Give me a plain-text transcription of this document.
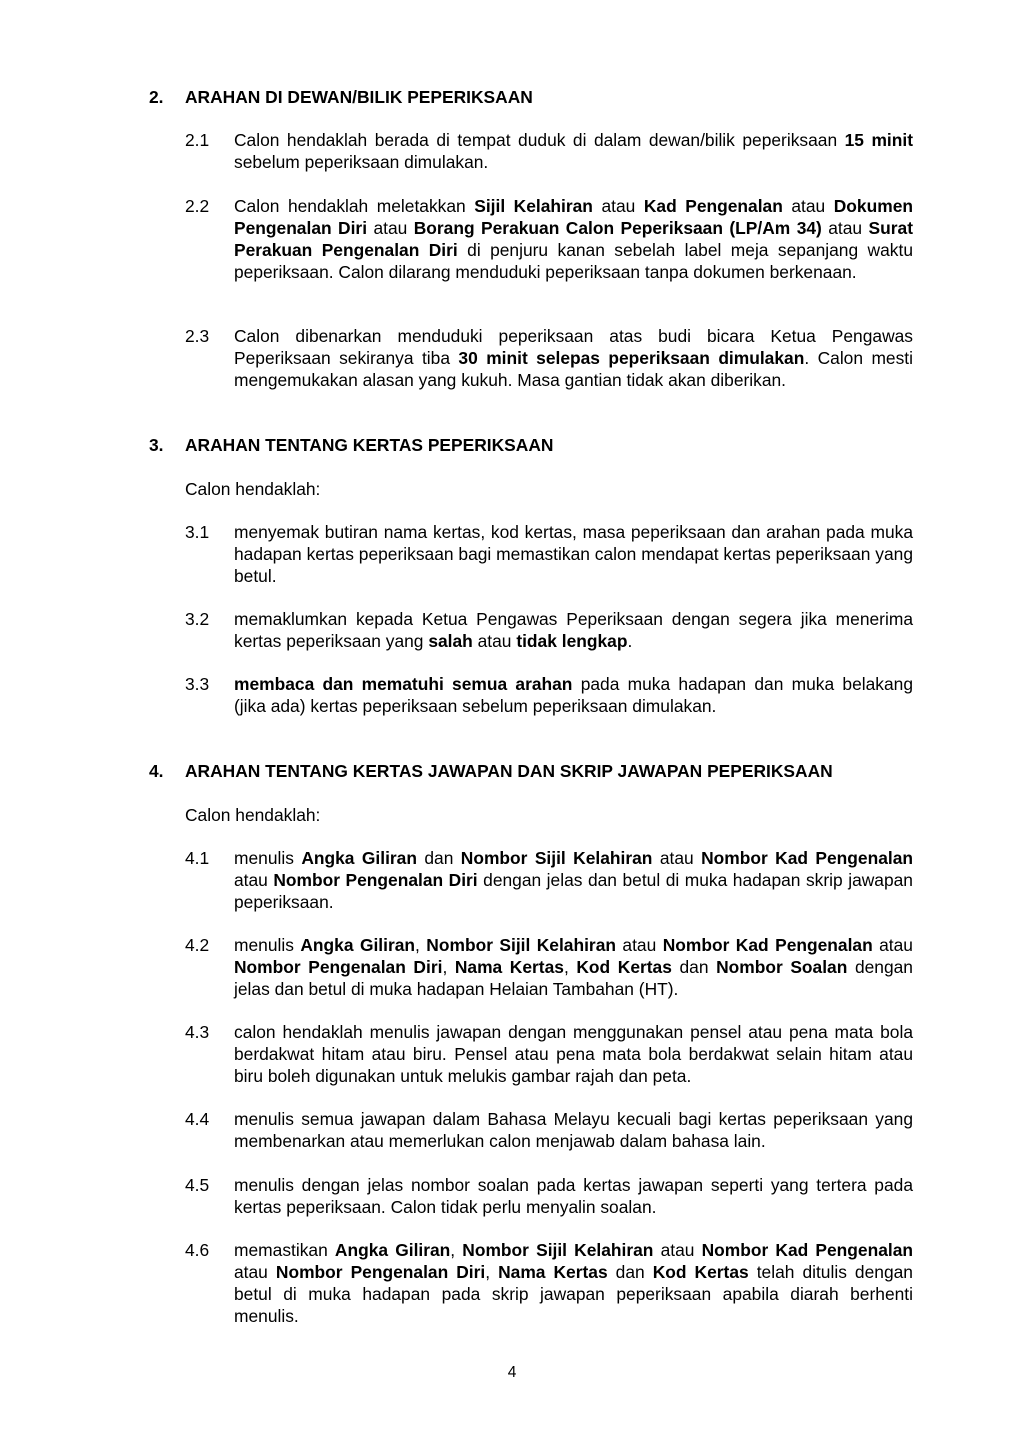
2. ARAHAN DI DEWAN/BILIK PEPERIKSAAN
2.1 Calon hendaklah berada di tempat duduk di dalam dewan/bilik peperiksaan 15 minit sebelum peperiksaan dimulakan.
2.2 Calon hendaklah meletakkan Sijil Kelahiran atau Kad Pengenalan atau Dokumen Pengenalan Diri atau Borang Perakuan Calon Peperiksaan (LP/Am 34) atau Surat Perakuan Pengenalan Diri di penjuru kanan sebelah label meja sepanjang waktu peperiksaan. Calon dilarang menduduki peperiksaan tanpa dokumen berkenaan.
2.3 Calon dibenarkan menduduki peperiksaan atas budi bicara Ketua Pengawas Peperiksaan sekiranya tiba 30 minit selepas peperiksaan dimulakan. Calon mesti mengemukakan alasan yang kukuh. Masa gantian tidak akan diberikan.
3. ARAHAN TENTANG KERTAS PEPERIKSAAN
Calon hendaklah:
3.1 menyemak butiran nama kertas, kod kertas, masa peperiksaan dan arahan pada muka hadapan kertas peperiksaan bagi memastikan calon mendapat kertas peperiksaan yang betul.
3.2 memaklumkan kepada Ketua Pengawas Peperiksaan dengan segera jika menerima kertas peperiksaan yang salah atau tidak lengkap.
3.3 membaca dan mematuhi semua arahan pada muka hadapan dan muka belakang (jika ada) kertas peperiksaan sebelum peperiksaan dimulakan.
4. ARAHAN TENTANG KERTAS JAWAPAN DAN SKRIP JAWAPAN PEPERIKSAAN
Calon hendaklah:
4.1 menulis Angka Giliran dan Nombor Sijil Kelahiran atau Nombor Kad Pengenalan atau Nombor Pengenalan Diri dengan jelas dan betul di muka hadapan skrip jawapan peperiksaan.
4.2 menulis Angka Giliran, Nombor Sijil Kelahiran atau Nombor Kad Pengenalan atau Nombor Pengenalan Diri, Nama Kertas, Kod Kertas dan Nombor Soalan dengan jelas dan betul di muka hadapan Helaian Tambahan (HT).
4.3 calon hendaklah menulis jawapan dengan menggunakan pensel atau pena mata bola berdakwat hitam atau biru. Pensel atau pena mata bola berdakwat selain hitam atau biru boleh digunakan untuk melukis gambar rajah dan peta.
4.4 menulis semua jawapan dalam Bahasa Melayu kecuali bagi kertas peperiksaan yang membenarkan atau memerlukan calon menjawab dalam bahasa lain.
4.5 menulis dengan jelas nombor soalan pada kertas jawapan seperti yang tertera pada kertas peperiksaan. Calon tidak perlu menyalin soalan.
4.6 memastikan Angka Giliran, Nombor Sijil Kelahiran atau Nombor Kad Pengenalan atau Nombor Pengenalan Diri, Nama Kertas dan Kod Kertas telah ditulis dengan betul di muka hadapan pada skrip jawapan peperiksaan apabila diarah berhenti menulis.
4
